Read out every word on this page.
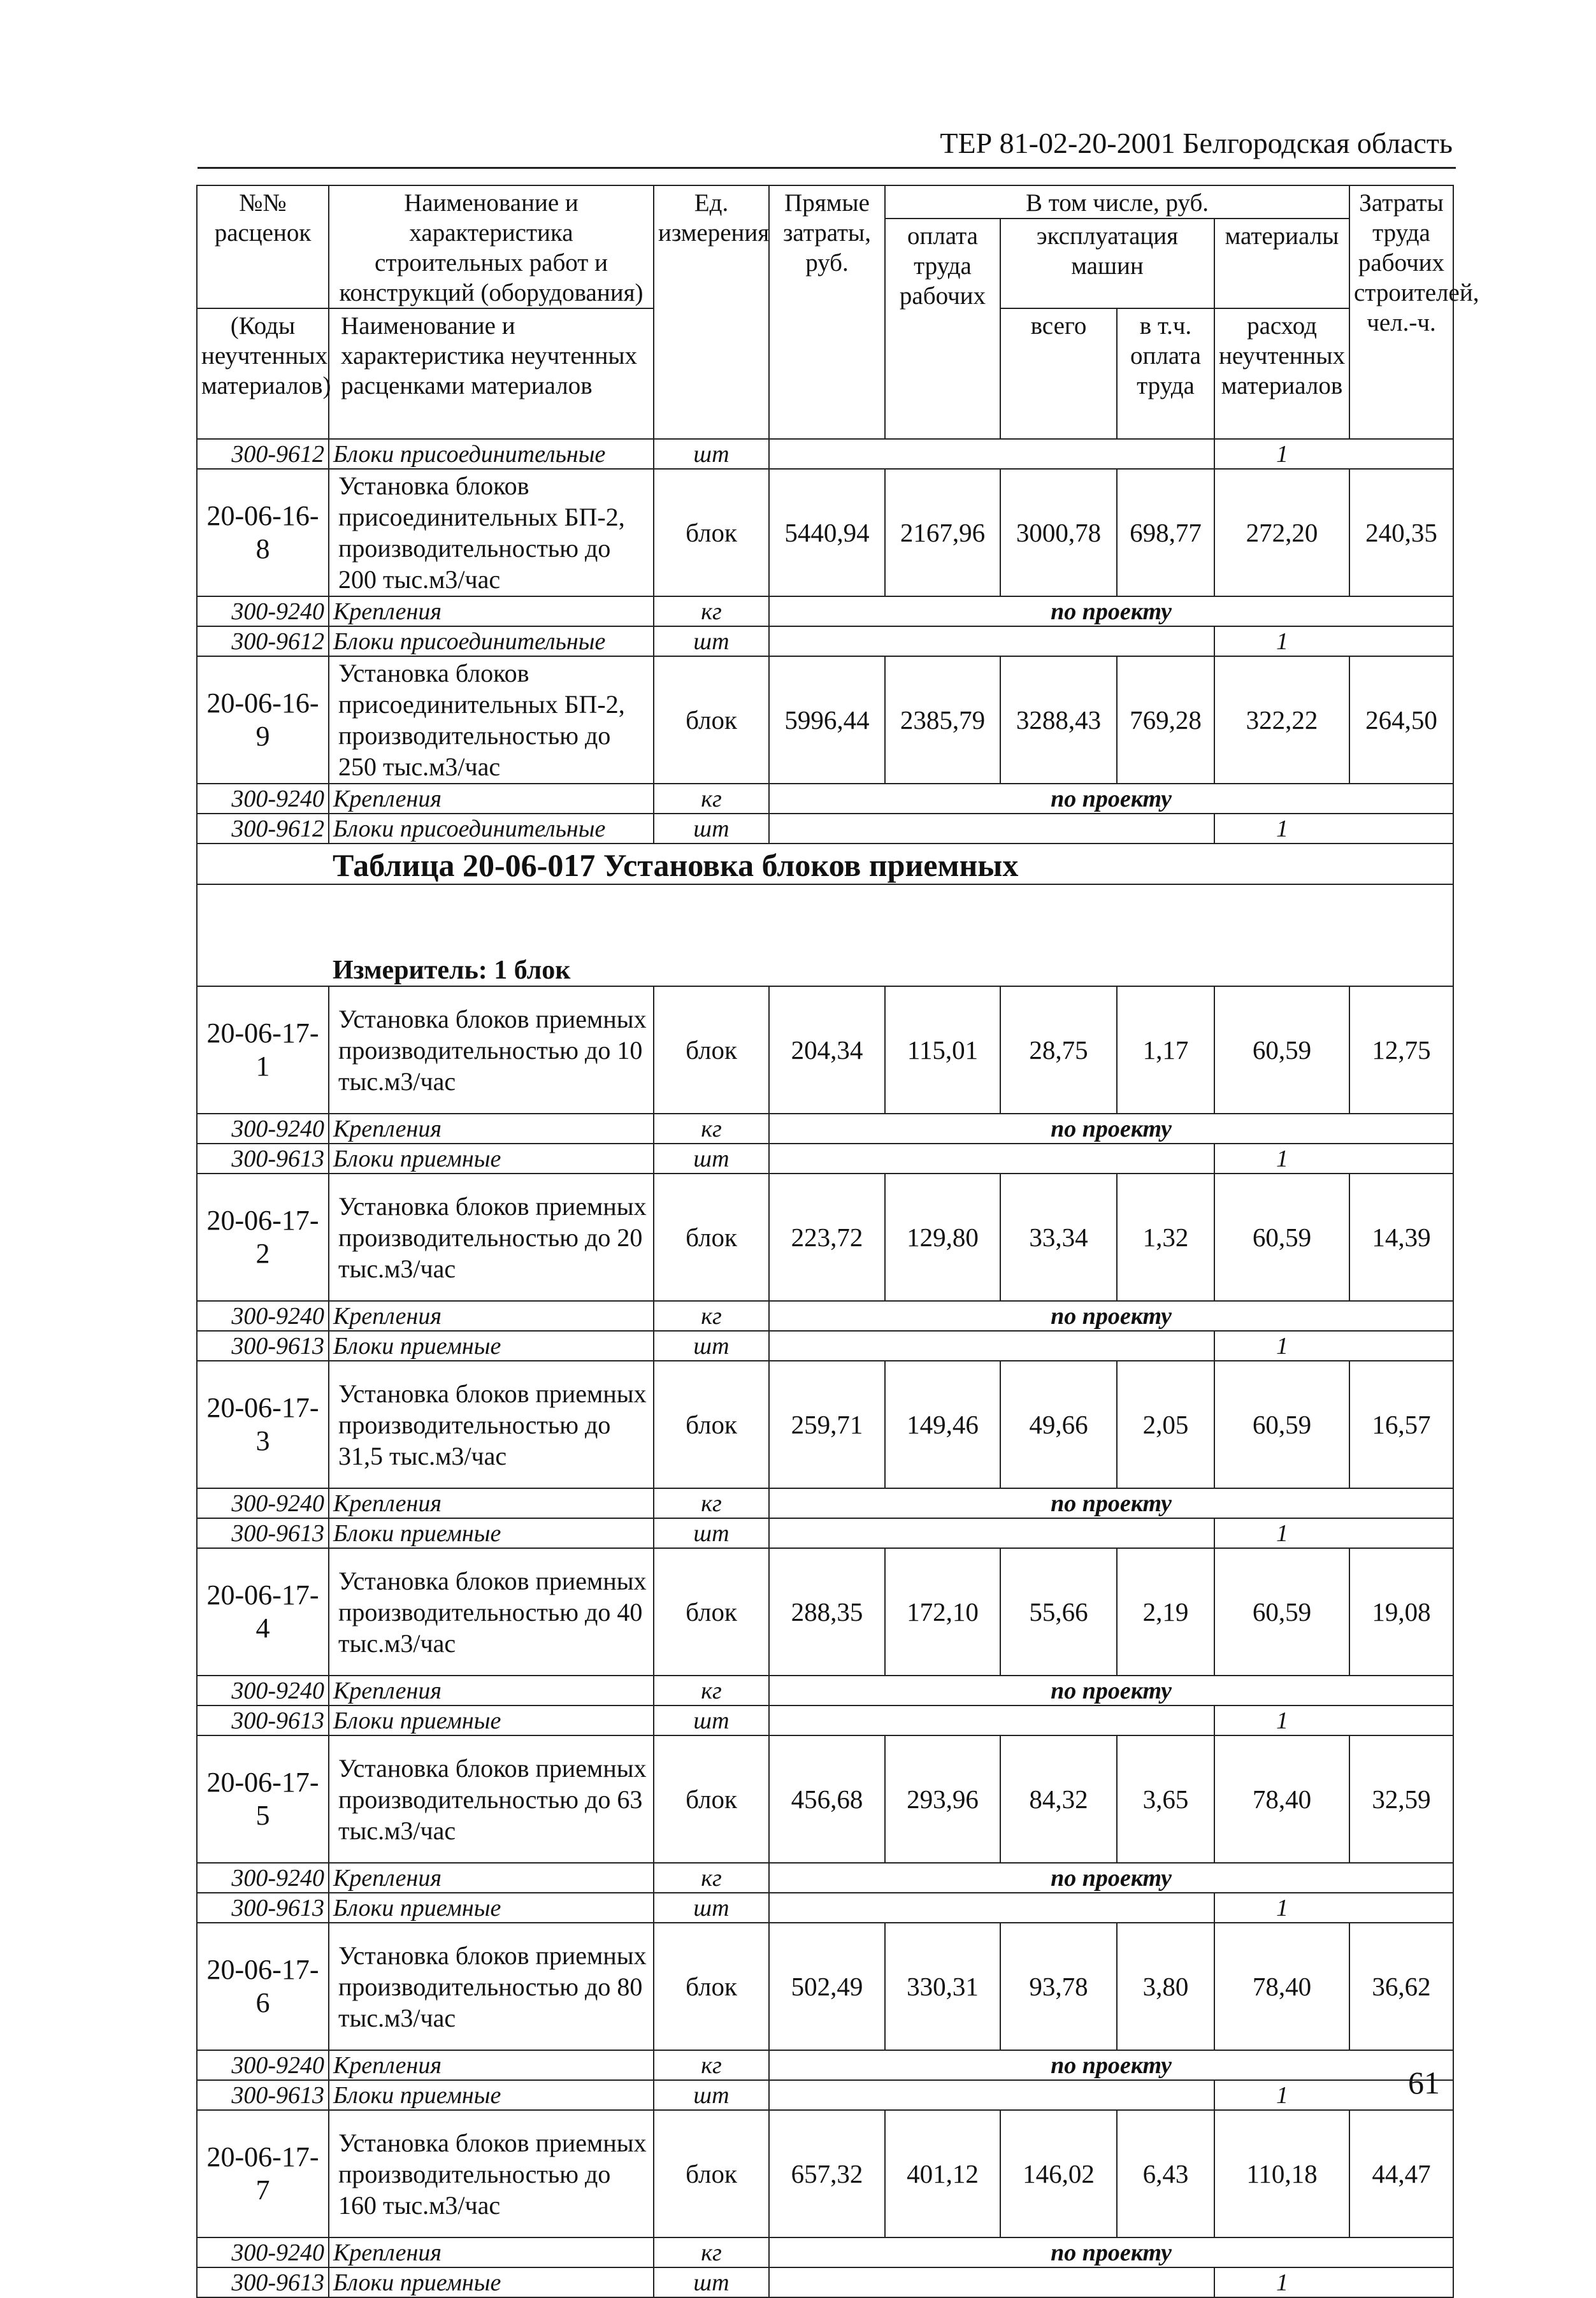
ТЕР 81-02-20-2001 Белгородская область
№№ расценок	Наименование и характеристика строительных работ и конструкций (оборудования)	Ед. измерения	Прямые затраты, руб.	В том числе, руб.				Затраты труда рабочих строителей, чел.-ч.
				оплата труда рабочих	эксплуатация машин		материалы	
(Коды неучтенных материалов)	Наименование и характеристика неучтенных расценками материалов				всего	в т.ч. оплата труда	расход неучтенных материалов	
300-9612	Блоки присоединительные	шт					1	
20-06-16-8	Установка блоков присоединительных БП-2, производительностью до 200 тыс.м3/час	блок	5440,94	2167,96	3000,78	698,77	272,20	240,35
300-9240	Крепления	кг	по проекту					
300-9612	Блоки присоединительные	шт					1	
20-06-16-9	Установка блоков присоединительных БП-2, производительностью до 250 тыс.м3/час	блок	5996,44	2385,79	3288,43	769,28	322,22	264,50
300-9240	Крепления	кг	по проекту					
300-9612	Блоки присоединительные	шт					1	
	Таблица 20-06-017 Установка блоков приемных							
	Измеритель: 1 блок							
20-06-17-1	Установка блоков приемных производительностью до 10 тыс.м3/час	блок	204,34	115,01	28,75	1,17	60,59	12,75
300-9240	Крепления	кг	по проекту					
300-9613	Блоки приемные	шт					1	
20-06-17-2	Установка блоков приемных производительностью до 20 тыс.м3/час	блок	223,72	129,80	33,34	1,32	60,59	14,39
300-9240	Крепления	кг	по проекту					
300-9613	Блоки приемные	шт					1	
20-06-17-3	Установка блоков приемных производительностью до 31,5 тыс.м3/час	блок	259,71	149,46	49,66	2,05	60,59	16,57
300-9240	Крепления	кг	по проекту					
300-9613	Блоки приемные	шт					1	
20-06-17-4	Установка блоков приемных производительностью до 40 тыс.м3/час	блок	288,35	172,10	55,66	2,19	60,59	19,08
300-9240	Крепления	кг	по проекту					
300-9613	Блоки приемные	шт					1	
20-06-17-5	Установка блоков приемных производительностью до 63 тыс.м3/час	блок	456,68	293,96	84,32	3,65	78,40	32,59
300-9240	Крепления	кг	по проекту					
300-9613	Блоки приемные	шт					1	
20-06-17-6	Установка блоков приемных производительностью до 80 тыс.м3/час	блок	502,49	330,31	93,78	3,80	78,40	36,62
300-9240	Крепления	кг	по проекту					
300-9613	Блоки приемные	шт					1	
20-06-17-7	Установка блоков приемных производительностью до 160 тыс.м3/час	блок	657,32	401,12	146,02	6,43	110,18	44,47
300-9240	Крепления	кг	по проекту					
300-9613	Блоки приемные	шт					1	
61
